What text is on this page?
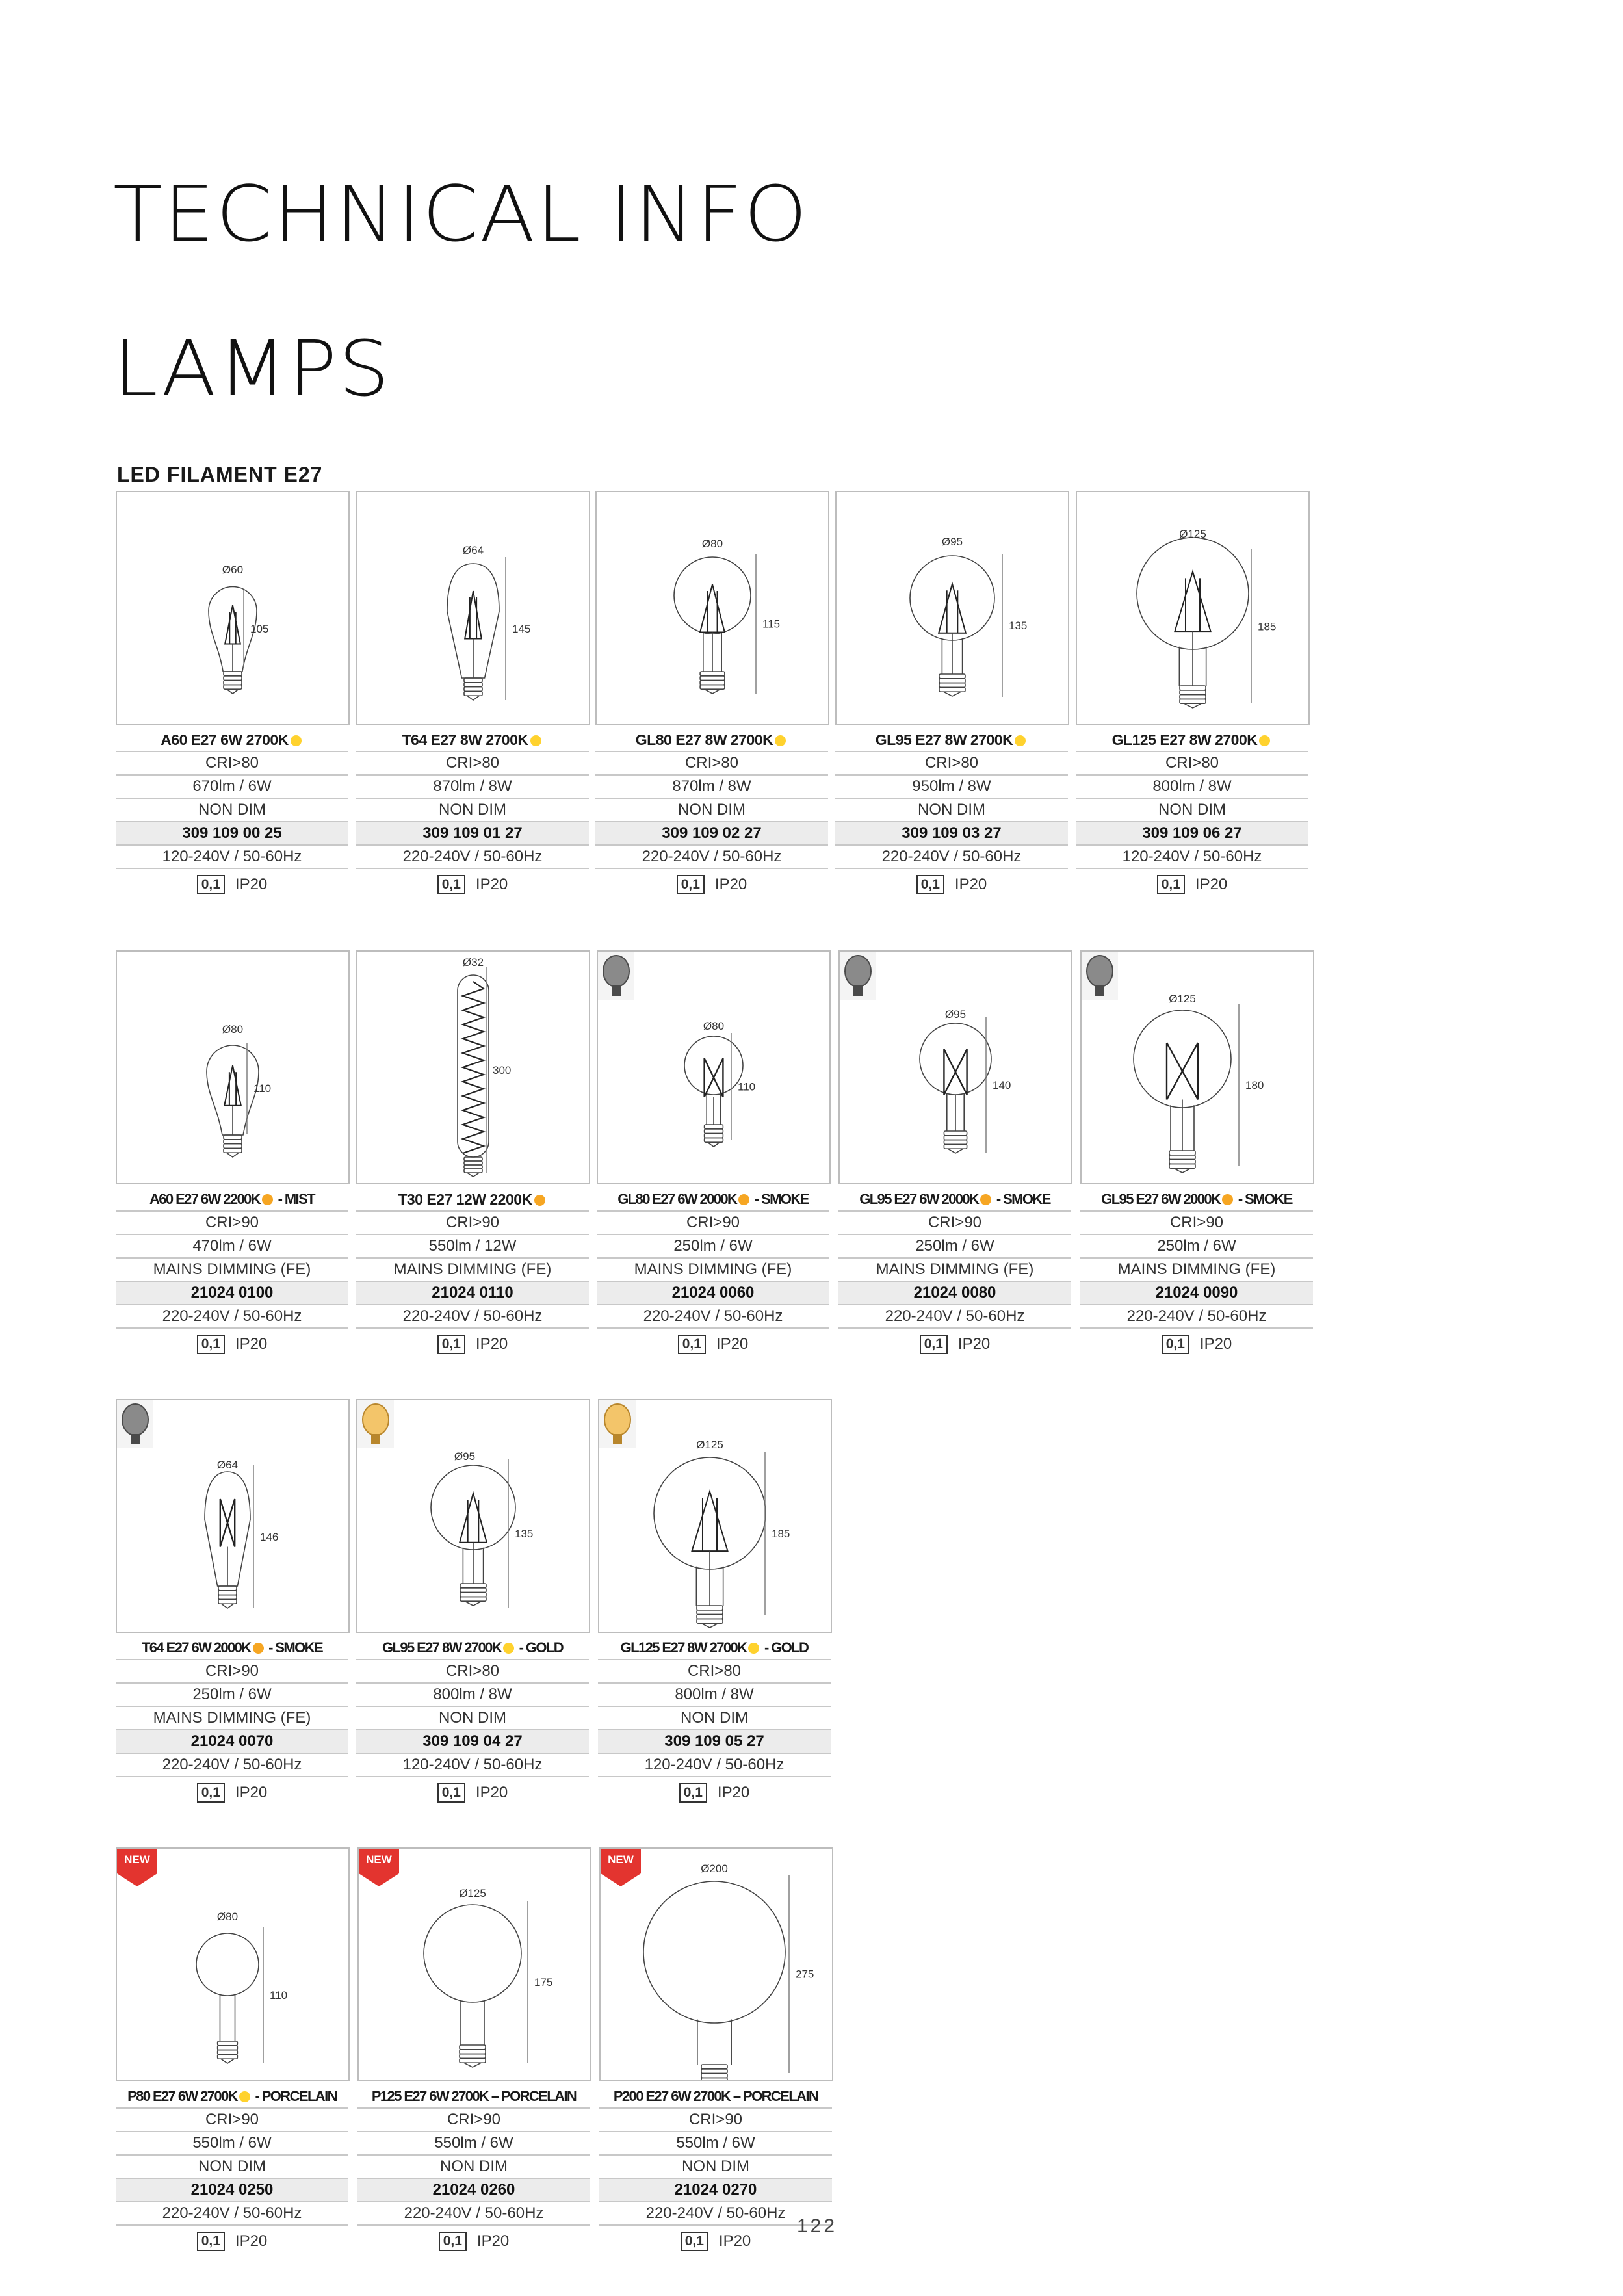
TECHNICAL INFO
LAMPS
LED FILAMENT E27
105
Ø60
A60 E27 6W 2700K
CRI>80
670lm / 6W
NON DIM
309 109 00 25
120-240V / 50-60Hz
0,1 IP20
145
Ø64
T64 E27 8W 2700K
CRI>80
870lm / 8W
NON DIM
309 109 01 27
220-240V / 50-60Hz
0,1 IP20
115
Ø80
GL80 E27 8W 2700K
CRI>80
870lm / 8W
NON DIM
309 109 02 27
220-240V / 50-60Hz
0,1 IP20
135
Ø95
GL95 E27 8W 2700K
CRI>80
950lm / 8W
NON DIM
309 109 03 27
220-240V / 50-60Hz
0,1 IP20
185
Ø125
GL125 E27 8W 2700K
CRI>80
800lm / 8W
NON DIM
309 109 06 27
120-240V / 50-60Hz
0,1 IP20
110
Ø80
A60 E27 6W 2200K - MIST
CRI>90
470lm / 6W
MAINS DIMMING (FE)
21024 0100
220-240V / 50-60Hz
0,1 IP20
300
Ø32
T30 E27 12W 2200K
CRI>90
550lm / 12W
MAINS DIMMING (FE)
21024 0110
220-240V / 50-60Hz
0,1 IP20
110
Ø80
GL80 E27 6W 2000K - SMOKE
CRI>90
250lm / 6W
MAINS DIMMING (FE)
21024 0060
220-240V / 50-60Hz
0,1 IP20
140
Ø95
GL95 E27 6W 2000K - SMOKE
CRI>90
250lm / 6W
MAINS DIMMING (FE)
21024 0080
220-240V / 50-60Hz
0,1 IP20
180
Ø125
GL95 E27 6W 2000K - SMOKE
CRI>90
250lm / 6W
MAINS DIMMING (FE)
21024 0090
220-240V / 50-60Hz
0,1 IP20
146
Ø64
T64 E27 6W 2000K - SMOKE
CRI>90
250lm / 6W
MAINS DIMMING (FE)
21024 0070
220-240V / 50-60Hz
0,1 IP20
135
Ø95
GL95 E27 8W 2700K - GOLD
CRI>80
800lm / 8W
NON DIM
309 109 04 27
120-240V / 50-60Hz
0,1 IP20
185
Ø125
GL125 E27 8W 2700K - GOLD
CRI>80
800lm / 8W
NON DIM
309 109 05 27
120-240V / 50-60Hz
0,1 IP20
110
Ø80
NEW
P80 E27 6W 2700K - PORCELAIN
CRI>90
550lm / 6W
NON DIM
21024 0250
220-240V / 50-60Hz
0,1 IP20
175
Ø125
NEW
P125 E27 6W 2700K – PORCELAIN
CRI>90
550lm / 6W
NON DIM
21024 0260
220-240V / 50-60Hz
0,1 IP20
275
Ø200
NEW
P200 E27 6W 2700K – PORCELAIN
CRI>90
550lm / 6W
NON DIM
21024 0270
220-240V / 50-60Hz
0,1 IP20
122
